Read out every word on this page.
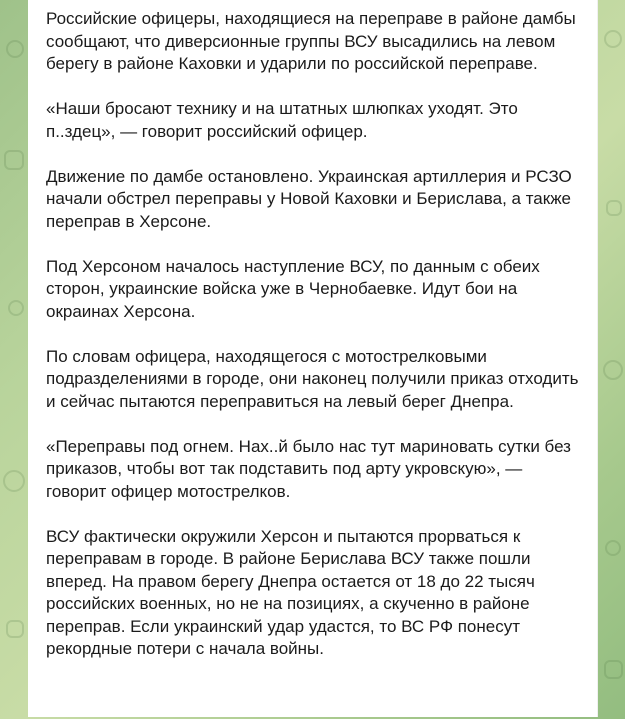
Российские офицеры, находящиеся на переправе в районе дамбы сообщают, что диверсионные группы ВСУ высадились на левом берегу в районе Каховки и ударили по российской переправе.

«Наши бросают технику и на штатных шлюпках уходят. Это п..здец», — говорит российский офицер.

Движение по дамбе остановлено. Украинская артиллерия и РСЗО начали обстрел переправы у Новой Каховки и Берислава, а также переправ в Херсоне.

Под Херсоном началось наступление ВСУ, по данным с обеих сторон, украинские войска уже в Чернобаевке. Идут бои на окраинах Херсона.

По словам офицера, находящегося с мотострелковыми подразделениями в городе, они наконец получили приказ отходить и сейчас пытаются переправиться на левый берег Днепра.

«Переправы под огнем. Нах..й было нас тут мариновать сутки без приказов, чтобы вот так подставить под арту укровскую», — говорит офицер мотострелков.

ВСУ фактически окружили Херсон и пытаются прорваться к переправам в городе. В районе Берислава ВСУ также пошли вперед. На правом берегу Днепра остается от 18 до 22 тысяч российских военных, но не на позициях, а скученно в районе переправ. Если украинский удар удастся, то ВС РФ понесут рекордные потери с начала войны.
